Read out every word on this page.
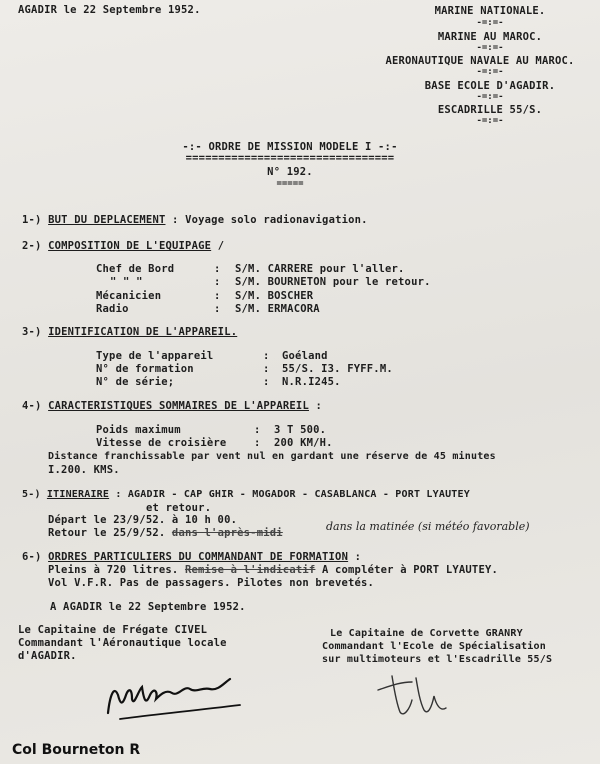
AGADIR le 22 Septembre 1952.	MARINE NATIONALE.
-=:=-
MARINE AU MAROC.
-=:=-
AERONAUTIQUE NAVALE AU MAROC.
-=:=-
BASE ECOLE D'AGADIR.
-=:=-
ESCADRILLE 55/S.
-=:=-
-:- ORDRE DE MISSION MODELE I -:-
================================
N° 192.
=====
1-) BUT DU DEPLACEMENT : Voyage solo radionavigation.
2-) COMPOSITION DE L'EQUIPAGE /
Chef de Bord	: S/M. CARRERE pour l'aller.
" " "	: S/M. BOURNETON pour le retour.
Mécanicien	: S/M. BOSCHER
Radio	: S/M. ERMACORA
3-) IDENTIFICATION DE L'APPAREIL.
Type de l'appareil	: Goéland
N° de formation	: 55/S. I3. FYFF.M.
N° de série;	: N.R.I245.
4-) CARACTERISTIQUES SOMMAIRES DE L'APPAREIL :
Poids maximum	: 3 T 500.
Vitesse de croisière	: 200 KM/H.
Distance franchissable par vent nul en gardant une réserve de 45 minutes
I.200. KMS.
5-) ITINERAIRE : AGADIR - CAP GHIR - MOGADOR - CASABLANCA - PORT LYAUTEY
et retour.
Départ le 23/9/52. à 10 h 00.
Retour le 25/9/52. dans l'après-midi	dans la matinée (si météo favorable)
6-) ORDRES PARTICULIERS DU COMMANDANT DE FORMATION :
Pleins à 720 litres. Remise à l'indicatif A compléter à PORT LYAUTEY.
Vol V.F.R. Pas de passagers. Pilotes non brevetés.
A AGADIR le 22 Septembre 1952.
Le Capitaine de Frégate CIVEL
Commandant l'Aéronautique locale
d'AGADIR.
Le Capitaine de Corvette GRANRY
Commandant l'Ecole de Spécialisation
sur multimoteurs et l'Escadrille 55/S
Col Bourneton R
